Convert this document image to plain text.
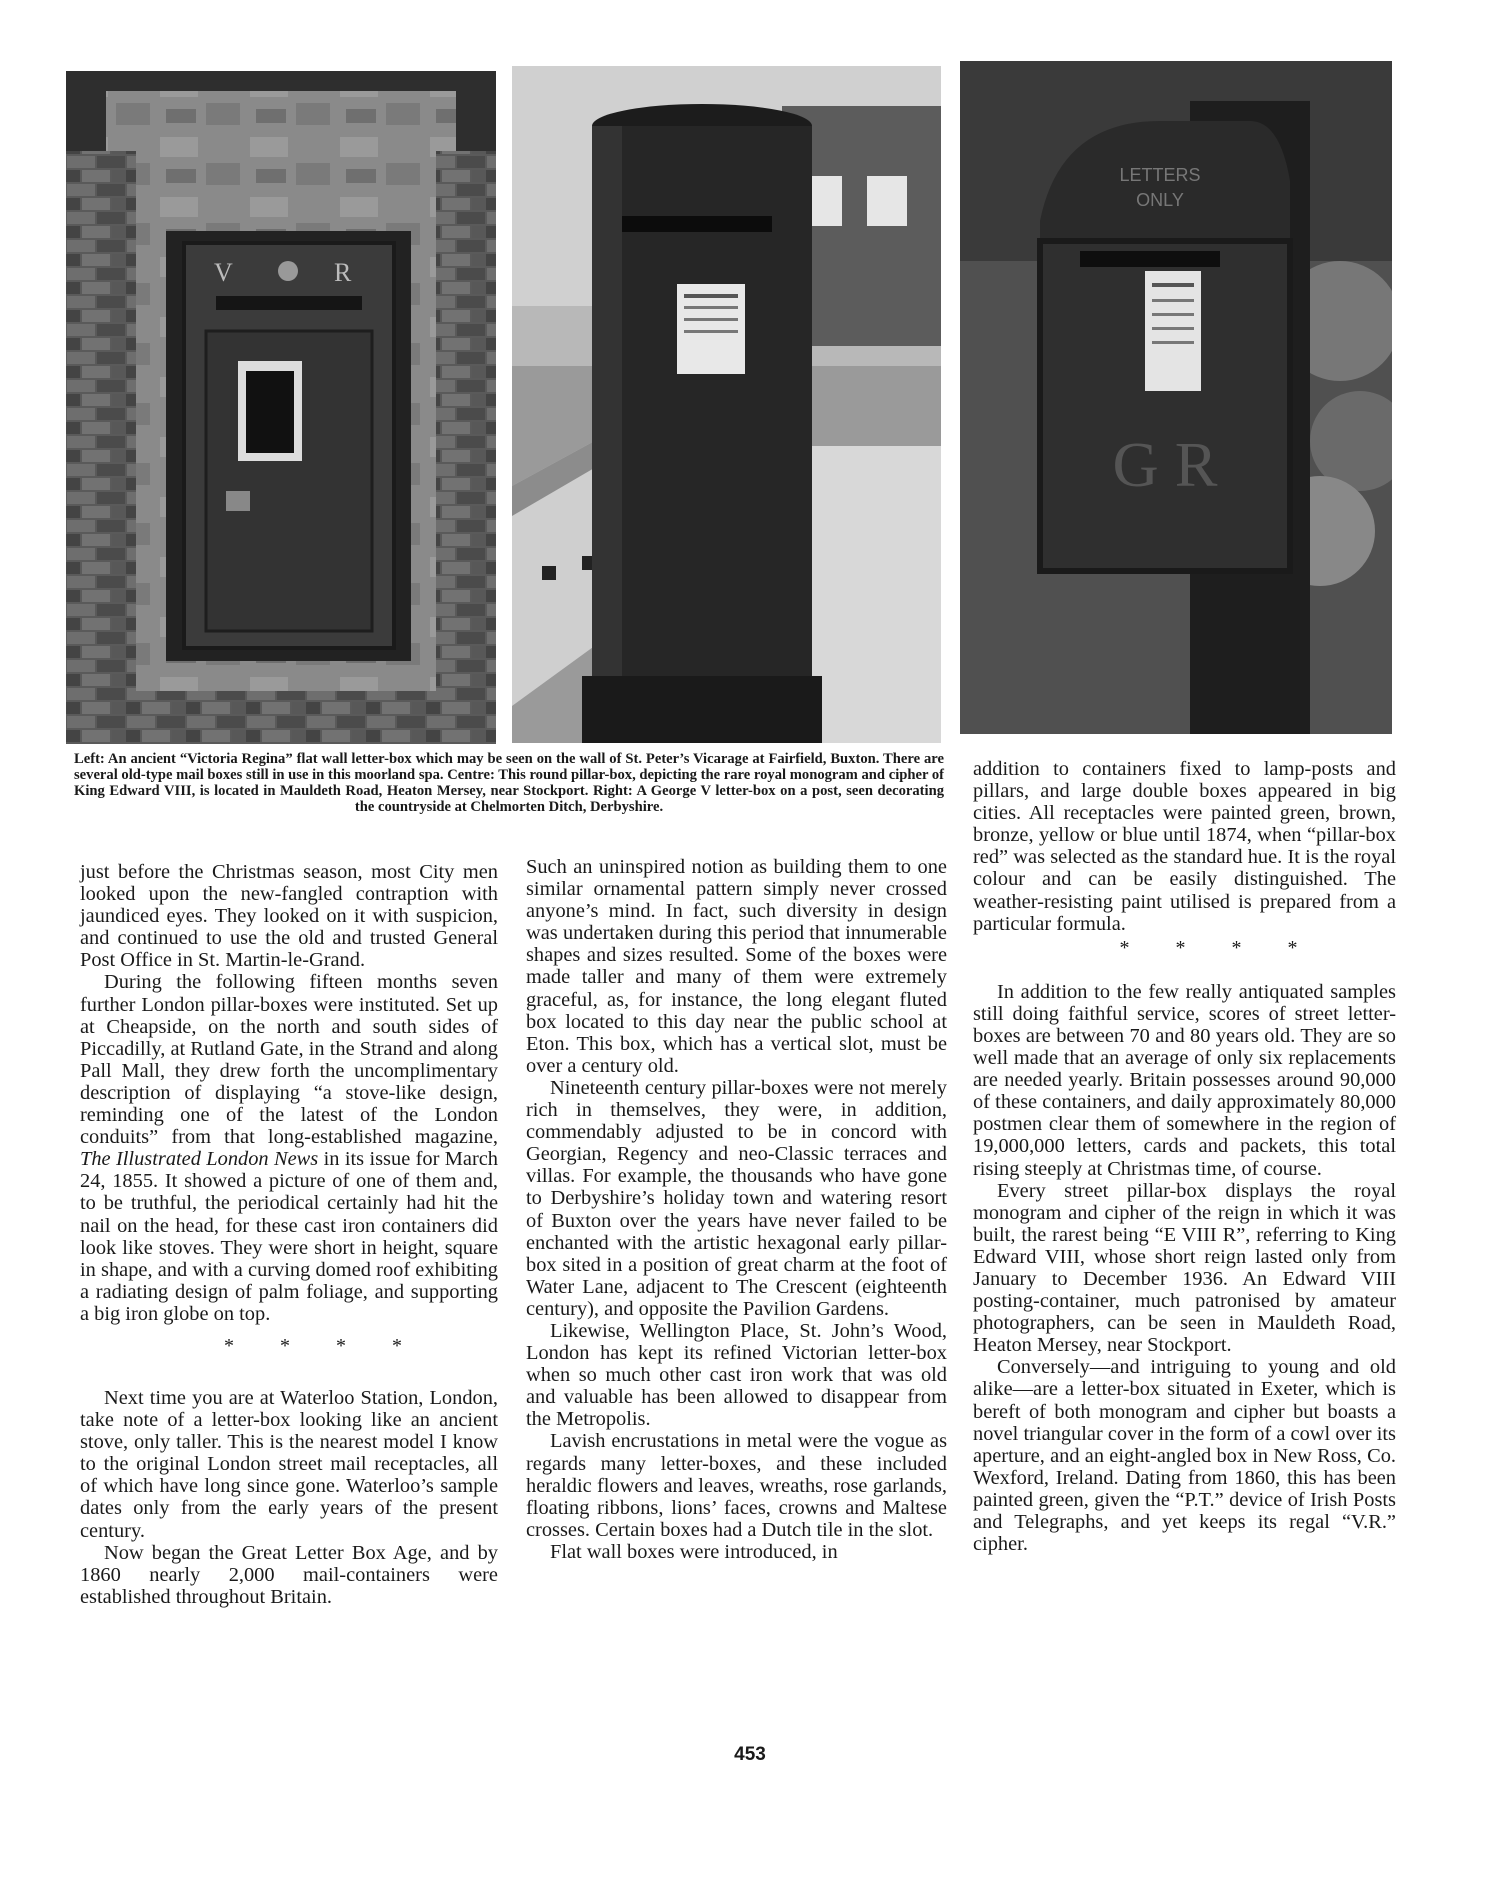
V	R
LETTERS
ONLY
G R

Left: An ancient “Victoria Regina” flat wall letter-box which may be seen on the wall of St. Peter’s Vicarage at Fairfield, Buxton. There are several old-type mail boxes still in use in this moorland spa. Centre: This round pillar-box, depicting the rare royal monogram and cipher of King Edward VIII, is located in Mauldeth Road, Heaton Mersey, near Stockport. Right: A George V letter-box on a post, seen decorating the countryside at Chelmorten Ditch, Derbyshire.

just before the Christmas season, most City men looked upon the new-fangled contraption with jaundiced eyes. They looked on it with suspicion, and continued to use the old and trusted General Post Office in St. Martin-le-Grand.

During the following fifteen months seven further London pillar-boxes were instituted. Set up at Cheapside, on the north and south sides of Piccadilly, at Rutland Gate, in the Strand and along Pall Mall, they drew forth the uncomplimentary description of displaying “a stove-like design, reminding one of the latest of the London conduits” from that long-established magazine, The Illustrated London News in its issue for March 24, 1855. It showed a picture of one of them and, to be truthful, the periodical certainly had hit the nail on the head, for these cast iron containers did look like stoves. They were short in height, square in shape, and with a curving domed roof exhibiting a radiating design of palm foliage, and supporting a big iron globe on top.

* * * *

Next time you are at Waterloo Station, London, take note of a letter-box looking like an ancient stove, only taller. This is the nearest model I know to the original London street mail receptacles, all of which have long since gone. Waterloo’s sample dates only from the early years of the present century.

Now began the Great Letter Box Age, and by 1860 nearly 2,000 mail-containers were established throughout Britain.

Such an uninspired notion as building them to one similar ornamental pattern simply never crossed anyone’s mind. In fact, such diversity in design was undertaken during this period that innumerable shapes and sizes resulted. Some of the boxes were made taller and many of them were extremely graceful, as, for instance, the long elegant fluted box located to this day near the public school at Eton. This box, which has a vertical slot, must be over a century old.

Nineteenth century pillar-boxes were not merely rich in themselves, they were, in addition, commendably adjusted to be in concord with Georgian, Regency and neo-Classic terraces and villas. For example, the thousands who have gone to Derbyshire’s holiday town and watering resort of Buxton over the years have never failed to be enchanted with the artistic hexagonal early pillar-box sited in a position of great charm at the foot of Water Lane, adjacent to The Crescent (eighteenth century), and opposite the Pavilion Gardens.

Likewise, Wellington Place, St. John’s Wood, London has kept its refined Victorian letter-box when so much other cast iron work that was old and valuable has been allowed to disappear from the Metropolis.

Lavish encrustations in metal were the vogue as regards many letter-boxes, and these included heraldic flowers and leaves, wreaths, rose garlands, floating ribbons, lions’ faces, crowns and Maltese crosses. Certain boxes had a Dutch tile in the slot.

Flat wall boxes were introduced, in

addition to containers fixed to lamp-posts and pillars, and large double boxes appeared in big cities. All receptacles were painted green, brown, bronze, yellow or blue until 1874, when “pillar-box red” was selected as the standard hue. It is the royal colour and can be easily distinguished. The weather-resisting paint utilised is prepared from a particular formula.

* * * *

In addition to the few really antiquated samples still doing faithful service, scores of street letter-boxes are between 70 and 80 years old. They are so well made that an average of only six replacements are needed yearly. Britain possesses around 90,000 of these containers, and daily approximately 80,000 postmen clear them of somewhere in the region of 19,000,000 letters, cards and packets, this total rising steeply at Christmas time, of course.

Every street pillar-box displays the royal monogram and cipher of the reign in which it was built, the rarest being “E VIII R”, referring to King Edward VIII, whose short reign lasted only from January to December 1936. An Edward VIII posting-container, much patronised by amateur photographers, can be seen in Mauldeth Road, Heaton Mersey, near Stockport.

Conversely—and intriguing to young and old alike—are a letter-box situated in Exeter, which is bereft of both monogram and cipher but boasts a novel triangular cover in the form of a cowl over its aperture, and an eight-angled box in New Ross, Co. Wexford, Ireland. Dating from 1860, this has been painted green, given the “P.T.” device of Irish Posts and Telegraphs, and yet keeps its regal “V.R.” cipher.

453
